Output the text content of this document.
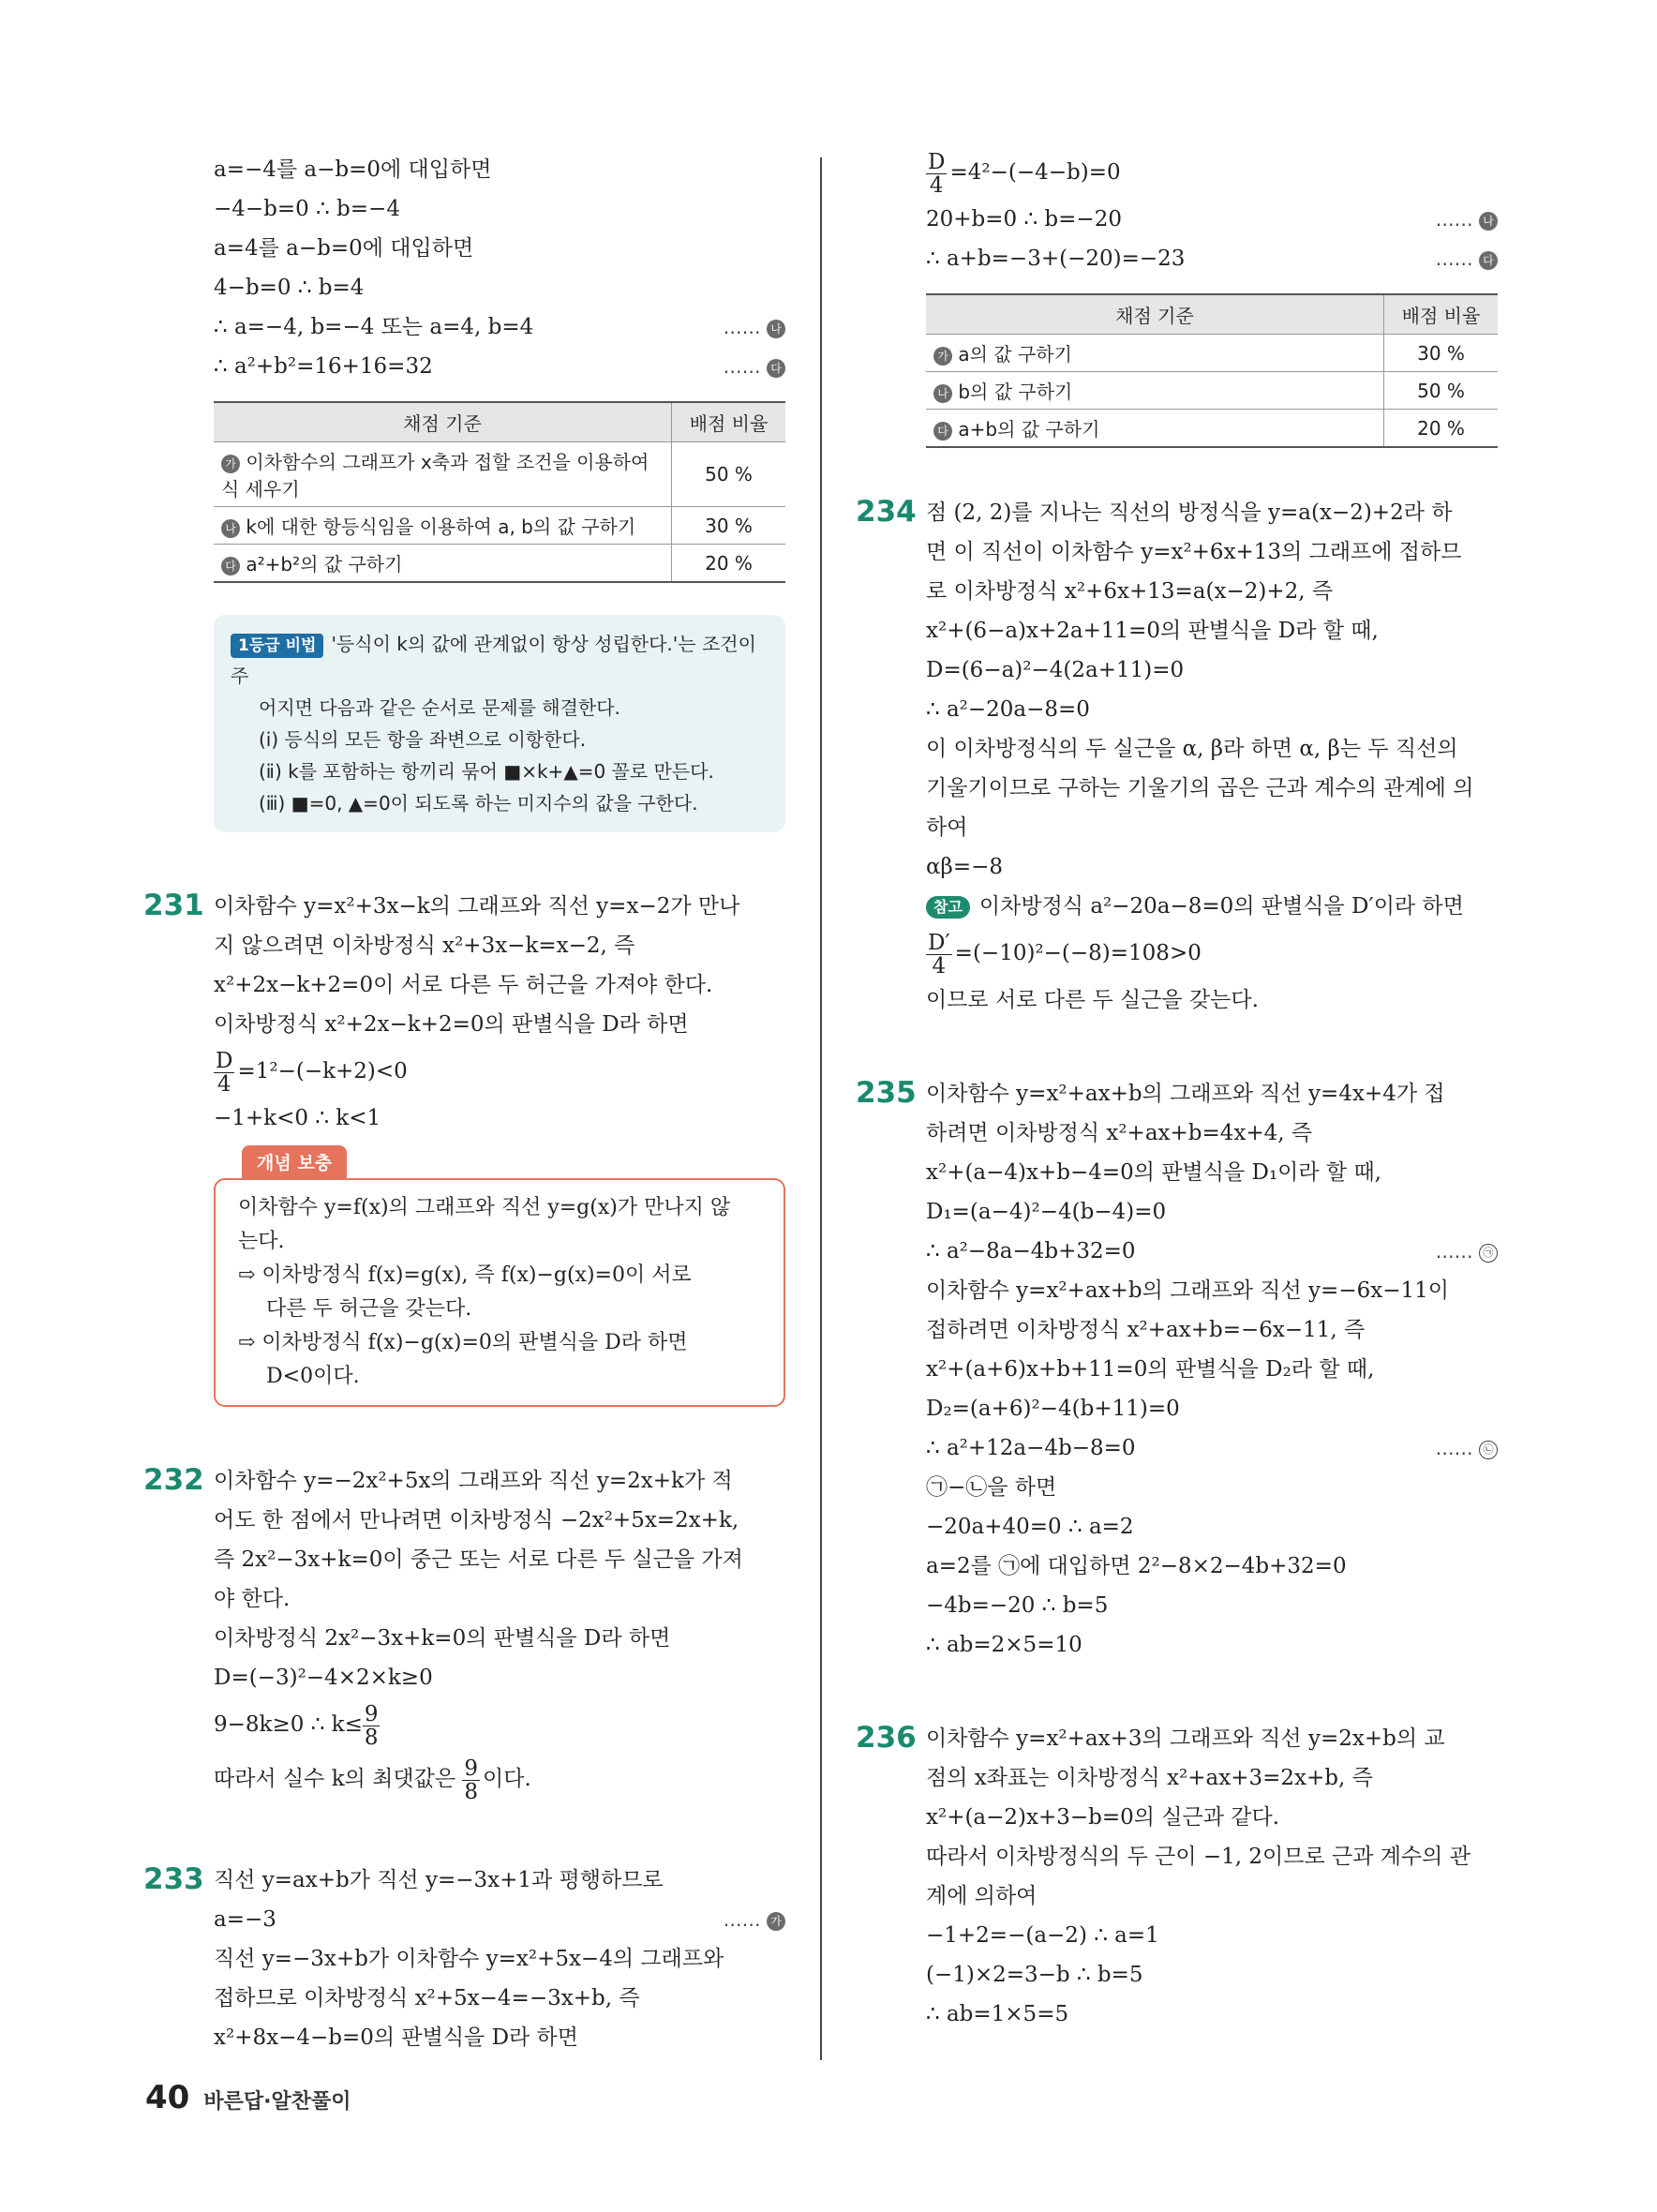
a=−4를 a−b=0에 대입하면
−4−b=0 ∴ b=−4
a=4를 a−b=0에 대입하면
4−b=0 ∴ b=4
∴ a=−4, b=−4 또는 a=4, b=4	…… 나
∴ a²+b²=16+16=32	…… 다
채점 기준	배점 비율
가 이차함수의 그래프가 x축과 접할 조건을 이용하여 식 세우기	50 %
나 k에 대한 항등식임을 이용하여 a, b의 값 구하기	30 %
다 a²+b²의 값 구하기	20 %
1등급 비법 '등식이 k의 값에 관계없이 항상 성립한다.'는 조건이 주
어지면 다음과 같은 순서로 문제를 해결한다.
(ⅰ) 등식의 모든 항을 좌변으로 이항한다.
(ⅱ) k를 포함하는 항끼리 묶어 ■×k+▲=0 꼴로 만든다.
(ⅲ) ■=0, ▲=0이 되도록 하는 미지수의 값을 구한다.
231 이차함수 y=x²+3x−k의 그래프와 직선 y=x−2가 만나
지 않으려면 이차방정식 x²+3x−k=x−2, 즉
x²+2x−k+2=0이 서로 다른 두 허근을 가져야 한다.
이차방정식 x²+2x−k+2=0의 판별식을 D라 하면
$\frac{D}{4} =1^2-(-k+2)<0$
−1+k<0 ∴ k<1
개념 보충
이차함수 y=f(x)의 그래프와 직선 y=g(x)가 만나지 않
는다.
⇨ 이차방정식 f(x)=g(x), 즉 f(x)−g(x)=0이 서로
다른 두 허근을 갖는다.
⇨ 이차방정식 f(x)−g(x)=0의 판별식을 D라 하면
D<0이다.
232 이차함수 y=−2x²+5x의 그래프와 직선 y=2x+k가 적
어도 한 점에서 만나려면 이차방정식 −2x²+5x=2x+k,
즉 2x²−3x+k=0이 중근 또는 서로 다른 두 실근을 가져
야 한다.
이차방정식 2x²−3x+k=0의 판별식을 D라 하면
D=(−3)²−4×2×k≥0
9−8k≥0 ∴ $k\le \frac{9}{8}$
따라서 실수 k의 최댓값은 $\frac{9}{8}$ 이다.
233 직선 y=ax+b가 직선 y=−3x+1과 평행하므로
a=−3	…… 가
직선 y=−3x+b가 이차함수 y=x²+5x−4의 그래프와
접하므로 이차방정식 x²+5x−4=−3x+b, 즉
x²+8x−4−b=0의 판별식을 D라 하면
$\frac{D}{4} =4^2-(-4-b)=0$
20+b=0 ∴ b=−20	…… 나
∴ a+b=−3+(−20)=−23	…… 다
채점 기준	배점 비율
가 a의 값 구하기	30 %
나 b의 값 구하기	50 %
다 a+b의 값 구하기	20 %
234 점 (2, 2)를 지나는 직선의 방정식을 y=a(x−2)+2라 하
면 이 직선이 이차함수 y=x²+6x+13의 그래프에 접하므
로 이차방정식 x²+6x+13=a(x−2)+2, 즉
x²+(6−a)x+2a+11=0의 판별식을 D라 할 때,
D=(6−a)²−4(2a+11)=0
∴ a²−20a−8=0
이 이차방정식의 두 실근을 α, β라 하면 α, β는 두 직선의
기울기이므로 구하는 기울기의 곱은 근과 계수의 관계에 의
하여
αβ=−8
참고 이차방정식 a²−20a−8=0의 판별식을 D′이라 하면
$\frac{D'}{4} =(-10)^2-(-8)=108>0$
이므로 서로 다른 두 실근을 갖는다.
235 이차함수 y=x²+ax+b의 그래프와 직선 y=4x+4가 접
하려면 이차방정식 x²+ax+b=4x+4, 즉
x²+(a−4)x+b−4=0의 판별식을 D₁이라 할 때,
D₁=(a−4)²−4(b−4)=0
∴ a²−8a−4b+32=0	…… ㉠
이차함수 y=x²+ax+b의 그래프와 직선 y=−6x−11이
접하려면 이차방정식 x²+ax+b=−6x−11, 즉
x²+(a+6)x+b+11=0의 판별식을 D₂라 할 때,
D₂=(a+6)²−4(b+11)=0
∴ a²+12a−4b−8=0	…… ㉡
㉠−㉡을 하면
−20a+40=0 ∴ a=2
a=2를 ㉠에 대입하면 2²−8×2−4b+32=0
−4b=−20 ∴ b=5
∴ ab=2×5=10
236 이차함수 y=x²+ax+3의 그래프와 직선 y=2x+b의 교
점의 x좌표는 이차방정식 x²+ax+3=2x+b, 즉
x²+(a−2)x+3−b=0의 실근과 같다.
따라서 이차방정식의 두 근이 −1, 2이므로 근과 계수의 관
계에 의하여
−1+2=−(a−2) ∴ a=1
(−1)×2=3−b ∴ b=5
∴ ab=1×5=5
40 바른답·알찬풀이
